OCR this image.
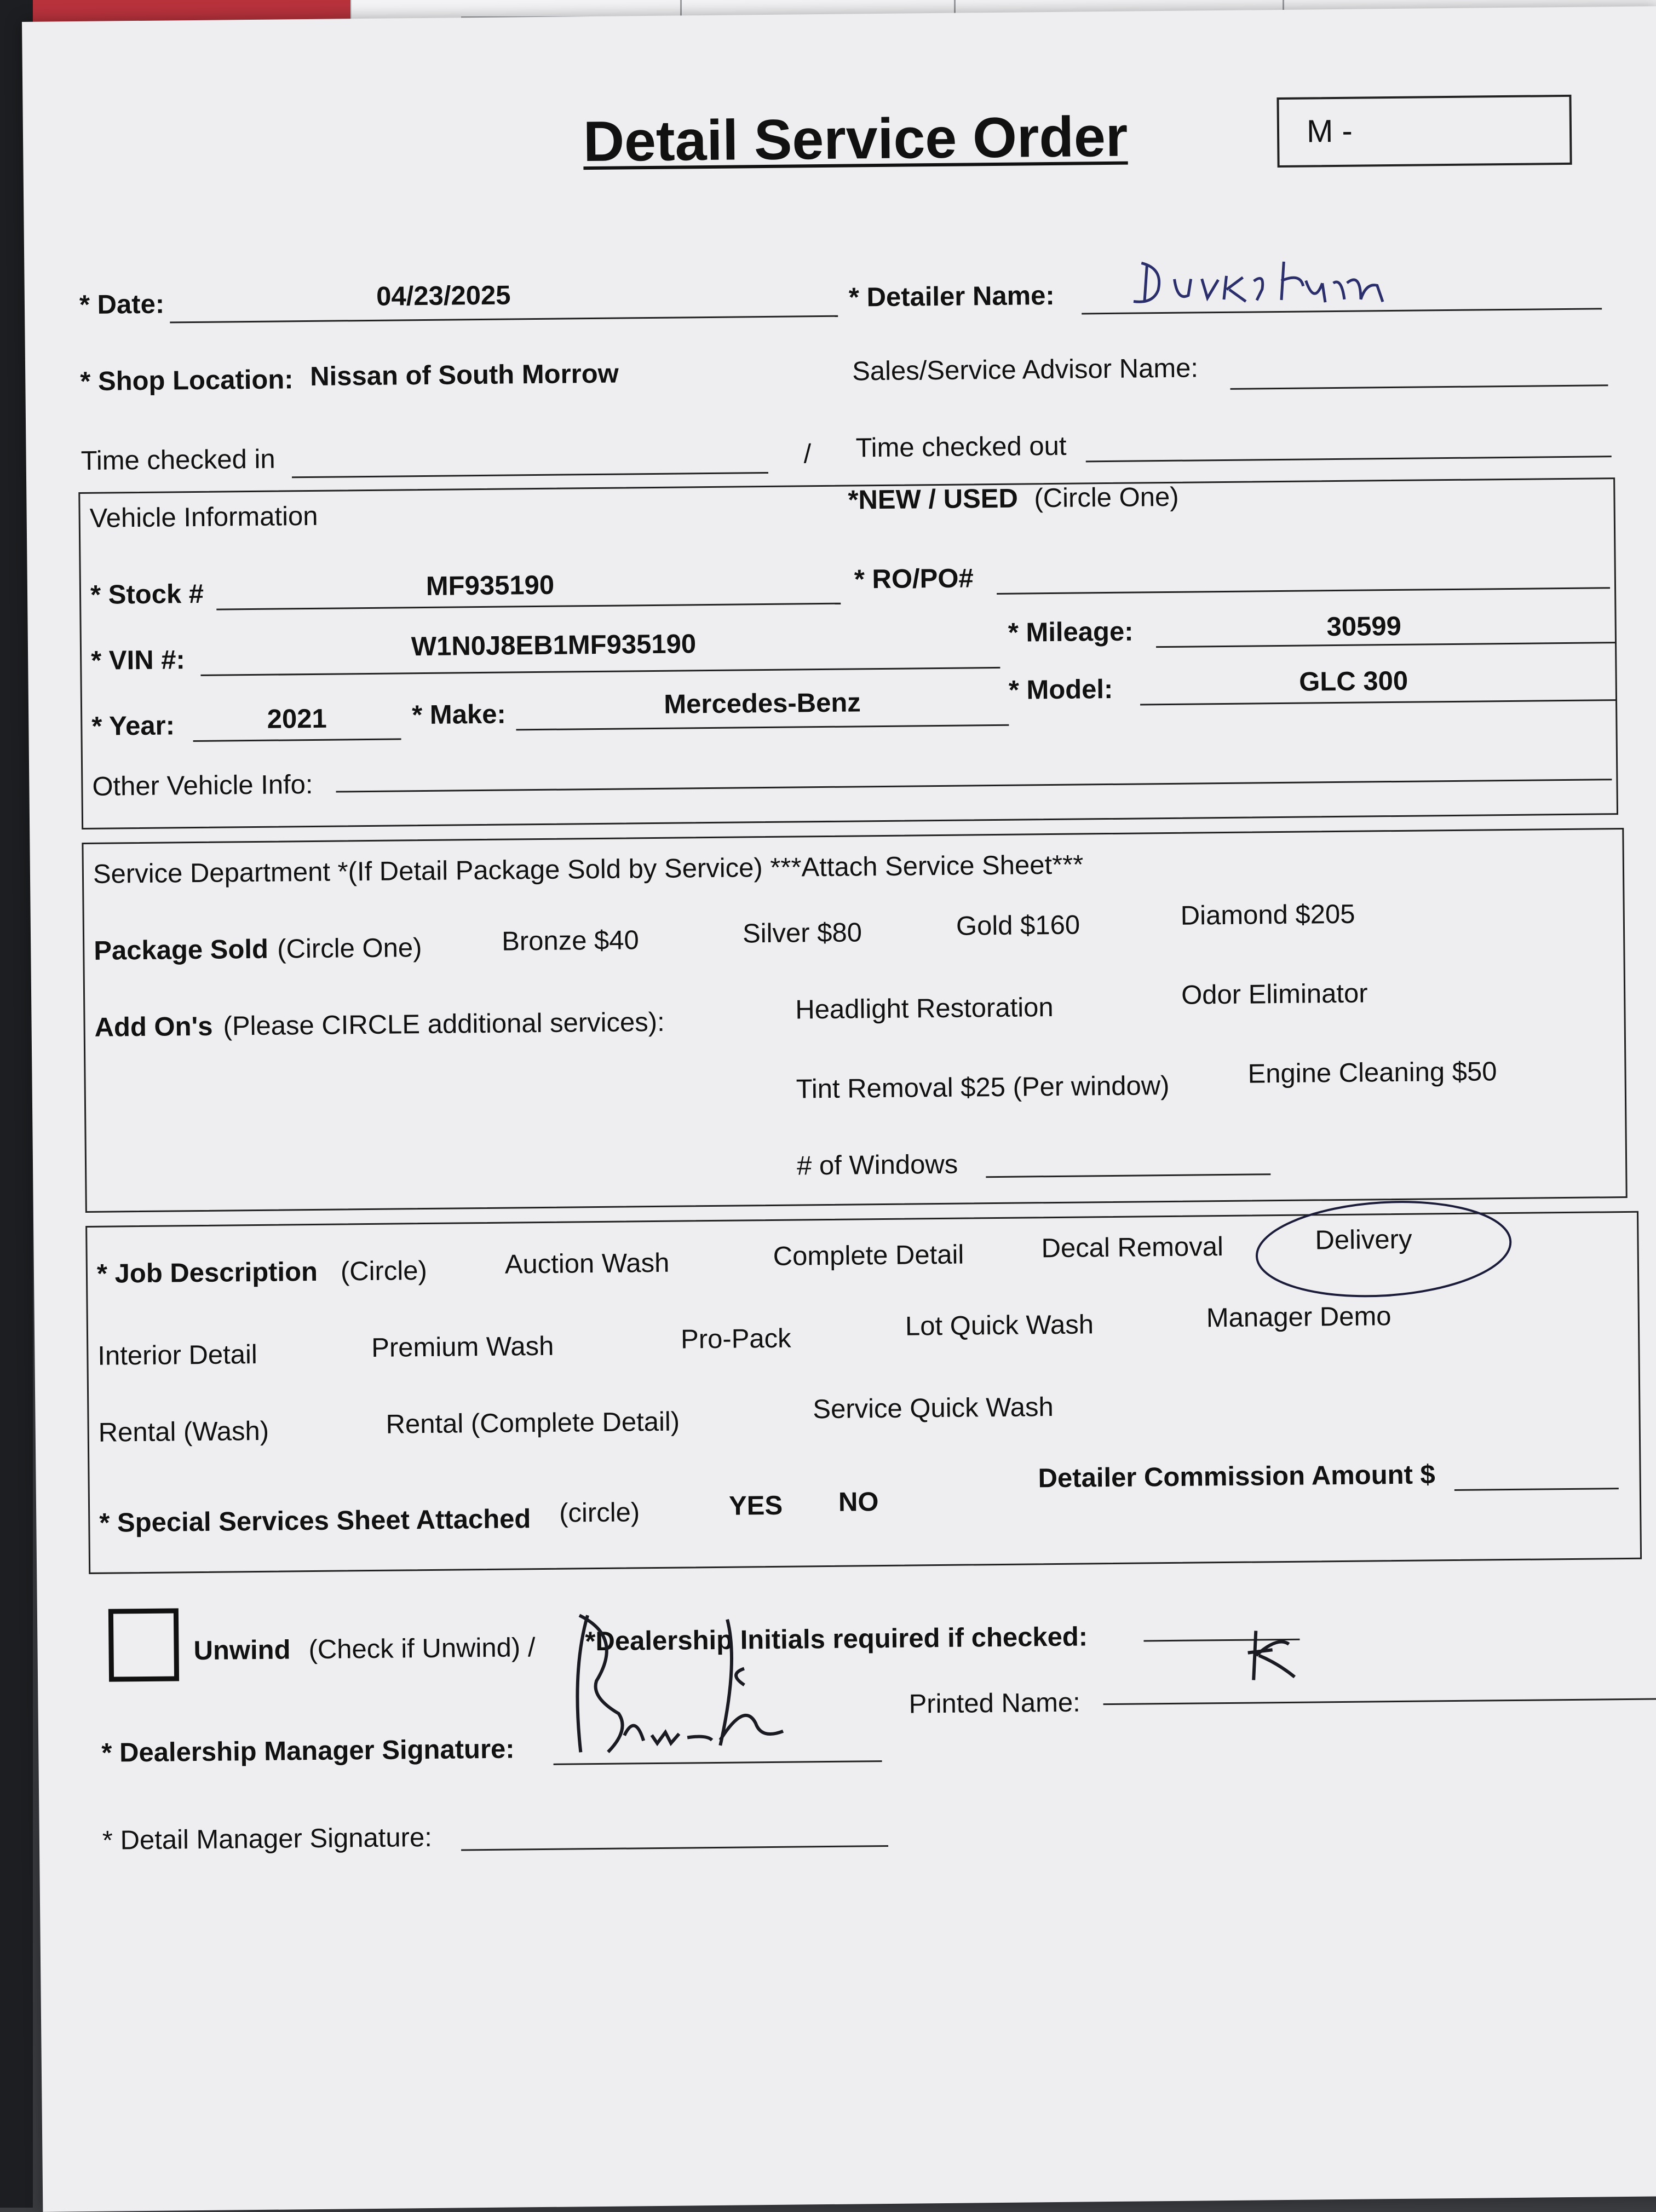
Detail Service Order	M -
* Date:	04/23/2025	* Detailer Name:
* Shop Location: Nissan of South Morrow	Sales/Service Advisor Name:
Time checked in	/ Time checked out
Vehicle Information
*NEW / USED (Circle One)
* Stock #	MF935190	* RO/PO#
* VIN #:	W1N0J8EB1MF935190	* Mileage:	30599
* Year:	2021	* Make:	Mercedes-Benz	* Model:	GLC 300
Other Vehicle Info:
Service Department *(If Detail Package Sold by Service) ***Attach Service Sheet***
Package Sold (Circle One)	Bronze $40	Silver $80	Gold $160	Diamond $205
Add On's (Please CIRCLE additional services):	Headlight Restoration	Odor Eliminator
Tint Removal $25 (Per window)	Engine Cleaning $50
# of Windows
* Job Description (Circle)	Auction Wash	Complete Detail	Decal Removal	Delivery
Interior Detail	Premium Wash	Pro-Pack	Lot Quick Wash	Manager Demo
Rental (Wash)	Rental (Complete Detail)	Service Quick Wash
* Special Services Sheet Attached (circle)	YES NO
Detailer Commission Amount $
Unwind (Check if Unwind) / *Dealership Initials required if checked:
* Dealership Manager Signature:
Printed Name:
* Detail Manager Signature:
